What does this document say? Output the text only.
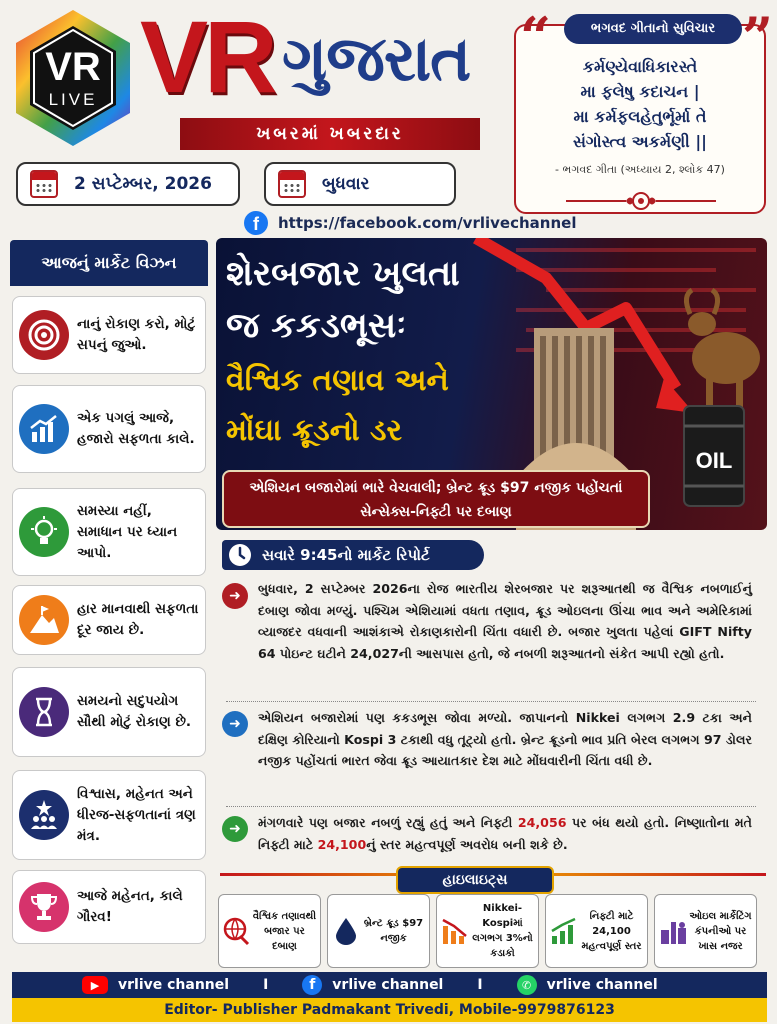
VR
LIVE VR ગુજરાત
ખબરમાં ખબરદાર
2 સપ્ટેમ્બર, 2026	બુધવાર
f	https://facebook.com/vrlivechannel
“	”
ભગવદ ગીતાનો સુવિચાર
કર્મણ્યેવાધિકારસ્તે
મા ફલેષુ કદાચન |
મા કર્મફલહેતુર્ભૂર્મા તે
સંગોસ્ત્વ અકર્મણી ||
- ભગવદ ગીતા (અધ્યાય 2, શ્લોક 47)
આજનું માર્કેટ વિઝન
નાનું રોકાણ કરો, મોટું સપનું જુઓ.
એક પગલું આજે, હજારો સફળતા કાલે.
સમસ્યા નહીં, સમાધાન પર ધ્યાન આપો.
હાર માનવાથી સફળતા દૂર જાય છે.
સમયનો સદુપયોગ સૌથી મોટું રોકાણ છે.
વિશ્વાસ, મહેનત અને ધીરજ-સફળતાનાં ત્રણ મંત્ર.
આજે મહેનત, કાલે ગૌરવ!
OIL
શેરબજાર ખુલતા
જ કકડભૂસઃ
વૈશ્વિક તણાવ અને
મોંઘા ક્રૂડનો ડર
એશિયન બજારોમાં ભારે વેચવાલી; બ્રેન્ટ ક્રૂડ $97 નજીક પહોંચતાં સેન્સેક્સ-નિફ્ટી પર દબાણ
સવારે 9:45નો માર્કેટ રિપોર્ટ
➜	બુધવાર, 2 સપ્ટેમ્બર 2026ના રોજ ભારતીય શેરબજાર પર શરૂઆતથી જ વૈશ્વિક નબળાઈનું દબાણ જોવા મળ્યું. પશ્ચિમ એશિયામાં વધતા તણાવ, ક્રૂડ ઓઇલના ઊંચા ભાવ અને અમેરિકામાં વ્યાજદર વધવાની આશંકાએ રોકાણકારોની ચિંતા વધારી છે. બજાર ખુલતા પહેલાં GIFT Nifty 64 પોઇન્ટ ઘટીને 24,027ની આસપાસ હતો, જે નબળી શરૂઆતનો સંકેત આપી રહ્યો હતો.
➜	એશિયન બજારોમાં પણ કકડભૂસ જોવા મળ્યો. જાપાનનો Nikkei લગભગ 2.9 ટકા અને દક્ષિણ કોરિયાનો Kospi 3 ટકાથી વધુ તૂટ્યો હતો. બ્રેન્ટ ક્રૂડનો ભાવ પ્રતિ બેરલ લગભગ 97 ડોલર નજીક પહોંચતાં ભારત જેવા ક્રૂડ આયાતકાર દેશ માટે મોંઘવારીની ચિંતા વધી છે.
➜	મંગળવારે પણ બજાર નબળું રહ્યું હતું અને નિફ્ટી 24,056 પર બંધ થયો હતો. નિષ્ણાતોના મતે નિફ્ટી માટે 24,100નું સ્તર મહત્વપૂર્ણ અવરોધ બની શકે છે.
હાઇલાઇટ્સ
વૈશ્વિક તણાવથી બજાર પર દબાણ
બ્રેન્ટ ક્રૂડ $97 નજીક
Nikkei-Kospiમાં લગભગ 3%નો કડાકો
નિફ્ટી માટે 24,100 મહત્વપૂર્ણ સ્તર
ઓઇલ માર્કેટિંગ કંપનીઓ પર ખાસ નજર
▶	vrlive channel I	f	vrlive channel I	✆	vrlive channel
Editor- Publisher Padmakant Trivedi, Mobile-9979876123
